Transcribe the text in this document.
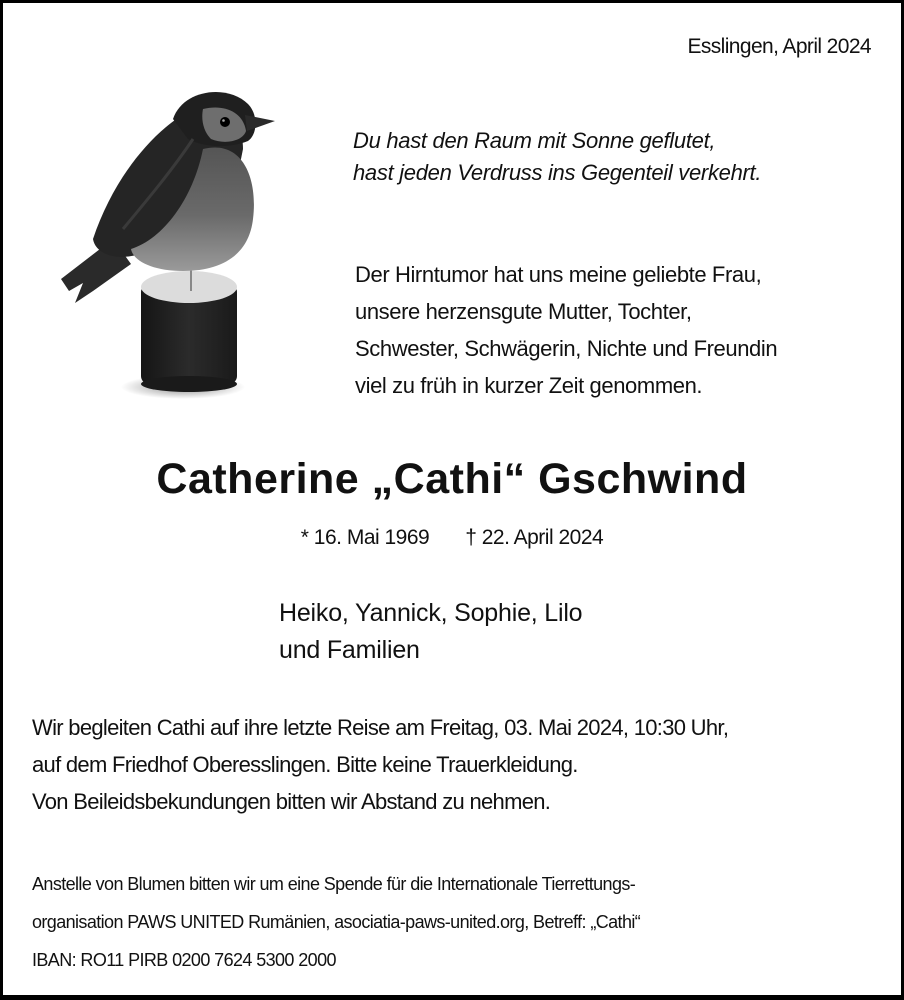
Esslingen, April 2024
Du hast den Raum mit Sonne geflutet,
hast jeden Verdruss ins Gegenteil verkehrt.
Der Hirntumor hat uns meine geliebte Frau,
unsere herzensgute Mutter, Tochter,
Schwester, Schwägerin, Nichte und Freundin
viel zu früh in kurzer Zeit genommen.
Catherine „Cathi“ Gschwind
* 16. Mai 1969 † 22. April 2024
Heiko, Yannick, Sophie, Lilo
und Familien
Wir begleiten Cathi auf ihre letzte Reise am Freitag, 03. Mai 2024, 10:30 Uhr,
auf dem Friedhof Oberesslingen. Bitte keine Trauerkleidung.
Von Beileidsbekundungen bitten wir Abstand zu nehmen.
Anstelle von Blumen bitten wir um eine Spende für die Internationale Tierrettungs-
organisation PAWS UNITED Rumänien, asociatia-paws-united.org, Betreff: „Cathi“
IBAN: RO11 PIRB 0200 7624 5300 2000
